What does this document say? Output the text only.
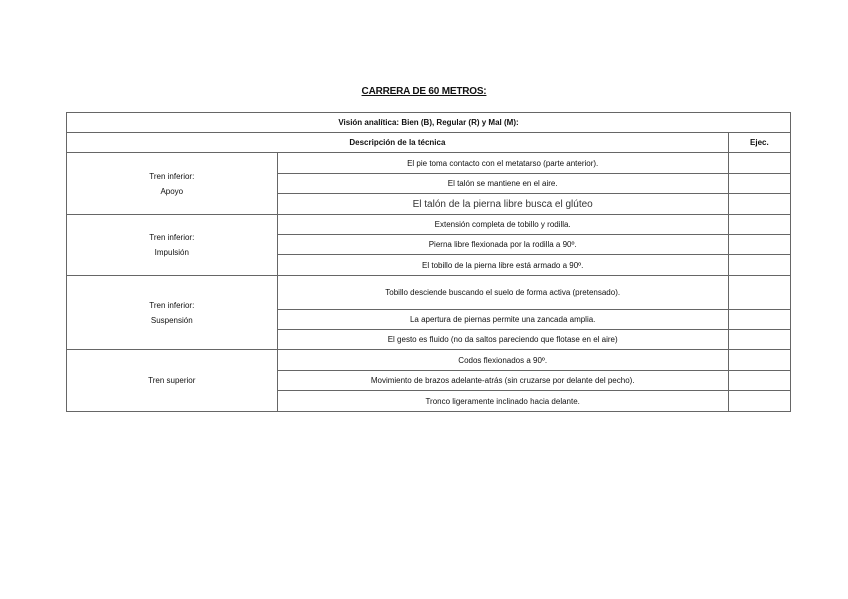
CARRERA DE 60 METROS:
Visión analítica: Bien (B), Regular (R) y Mal (M):		
Descripción de la técnica		Ejec.

Tren inferior:
Apoyo	El pie toma contacto con el metatarso (parte anterior).	
	El talón se mantiene en el aire.	
	El talón de la pierna libre busca el glúteo	

Tren inferior:
Impulsión	Extensión completa de tobillo y rodilla.	
	Pierna libre flexionada por la rodilla a 90º.	
	El tobillo de la pierna libre está armado a 90º.	

Tren inferior:
Suspensión	Tobillo desciende buscando el suelo de forma activa (pretensado).	
	La apertura de piernas permite una zancada amplia.	
	El gesto es fluido (no da saltos pareciendo que flotase en el aire)	

Tren superior	Codos flexionados a 90º.	
	Movimiento de brazos adelante-atrás (sin cruzarse por delante del pecho).	
	Tronco ligeramente inclinado hacia delante.	
